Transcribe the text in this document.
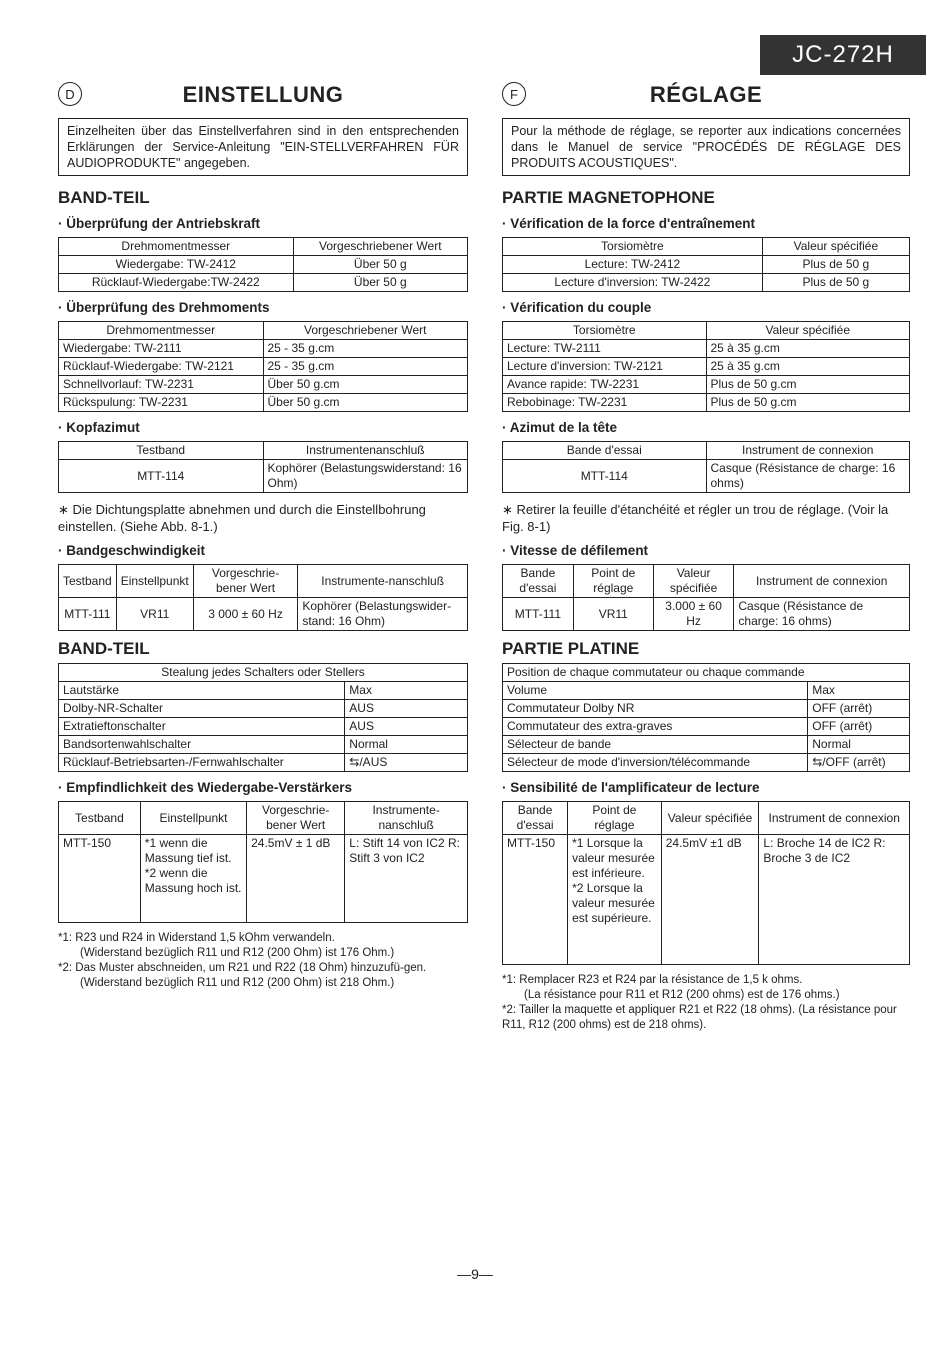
JC-272H
D	EINSTELLUNG
Einzelheiten über das Einstellverfahren sind in den entsprechenden Erklärungen der Service-Anleitung "EIN-STELLVERFAHREN FÜR AUDIOPRODUKTE" angegeben.
BAND-TEIL
· Überprüfung der Antriebskraft
Drehmomentmesser	Vorgeschriebener Wert
Wiedergabe: TW-2412	Über 50 g
Rücklauf-Wiedergabe:TW-2422	Über 50 g
· Überprüfung des Drehmoments
Drehmomentmesser	Vorgeschriebener Wert
Wiedergabe: TW-2111	25 - 35 g.cm
Rücklauf-Wiedergabe: TW-2121	25 - 35 g.cm
Schnellvorlauf: TW-2231	Über 50 g.cm
Rückspulung: TW-2231	Über 50 g.cm
· Kopfazimut
Testband	Instrumentenanschluß
MTT-114	Kophörer (Belastungswiderstand: 16 Ohm)
∗ Die Dichtungsplatte abnehmen und durch die Einstellbohrung einstellen. (Siehe Abb. 8-1.)
· Bandgeschwindigkeit
Testband	Einstellpunkt	Vorgeschrie-bener Wert	Instrumente-nanschluß
MTT-111	VR11	3 000 ± 60 Hz	Kophörer (Belastungswider-stand: 16 Ohm)
BAND-TEIL
Stealung jedes Schalters oder Stellers	
Lautstärke	Max
Dolby-NR-Schalter	AUS
Extratieftonschalter	AUS
Bandsortenwahlschalter	Normal
Rücklauf-Betriebsarten-/Fernwahlschalter	⇆/AUS
· Empfindlichkeit des Wiedergabe-Verstärkers
Testband	Einstellpunkt	Vorgeschrie-bener Wert	Instrumente-nanschluß
MTT-150	*1 wenn die Massung tief ist. *2 wenn die Massung hoch ist.	24.5mV ± 1 dB	L: Stift 14 von IC2 R: Stift 3 von IC2

*1: R23 und R24 in Widerstand 1,5 kOhm verwandeln.

(Widerstand bezüglich R11 und R12 (200 Ohm) ist 176 Ohm.)

*2: Das Muster abschneiden, um R21 und R22 (18 Ohm) hinzuzufü-gen.

(Widerstand bezüglich R11 und R12 (200 Ohm) ist 218 Ohm.)

F	RÉGLAGE
Pour la méthode de réglage, se reporter aux indications concernées dans le Manuel de service "PROCÉDÉS DE RÉGLAGE DES PRODUITS ACOUSTIQUES".
PARTIE MAGNETOPHONE
· Vérification de la force d'entraînement
Torsiomètre	Valeur spécifiée
Lecture: TW-2412	Plus de 50 g
Lecture d'inversion: TW-2422	Plus de 50 g
· Vérification du couple
Torsiomètre	Valeur spécifiée
Lecture: TW-2111	25 à 35 g.cm
Lecture d'inversion: TW-2121	25 à 35 g.cm
Avance rapide: TW-2231	Plus de 50 g.cm
Rebobinage: TW-2231	Plus de 50 g.cm
· Azimut de la tête
Bande d'essai	Instrument de connexion
MTT-114	Casque (Résistance de charge: 16 ohms)
∗ Retirer la feuille d'étanchéité et régler un trou de réglage. (Voir la Fig. 8-1)
· Vitesse de défilement
Bande d'essai	Point de réglage	Valeur spécifiée	Instrument de connexion
MTT-111	VR11	3.000 ± 60 Hz	Casque (Résistance de charge: 16 ohms)
PARTIE PLATINE
Position de chaque commutateur ou chaque commande	
Volume	Max
Commutateur Dolby NR	OFF (arrêt)
Commutateur des extra-graves	OFF (arrêt)
Sélecteur de bande	Normal
Sélecteur de mode d'inversion/télécommande	⇆/OFF (arrêt)
· Sensibilité de l'amplificateur de lecture
Bande d'essai	Point de réglage	Valeur spécifiée	Instrument de connexion
MTT-150	*1 Lorsque la valeur mesurée est inférieure. *2 Lorsque la valeur mesurée est supérieure.	24.5mV ±1 dB	L: Broche 14 de IC2 R: Broche 3 de IC2

*1: Remplacer R23 et R24 par la résistance de 1,5 k ohms.

(La résistance pour R11 et R12 (200 ohms) est de 176 ohms.)

*2: Tailler la maquette et appliquer R21 et R22 (18 ohms). (La résistance pour R11, R12 (200 ohms) est de 218 ohms).

—9—
